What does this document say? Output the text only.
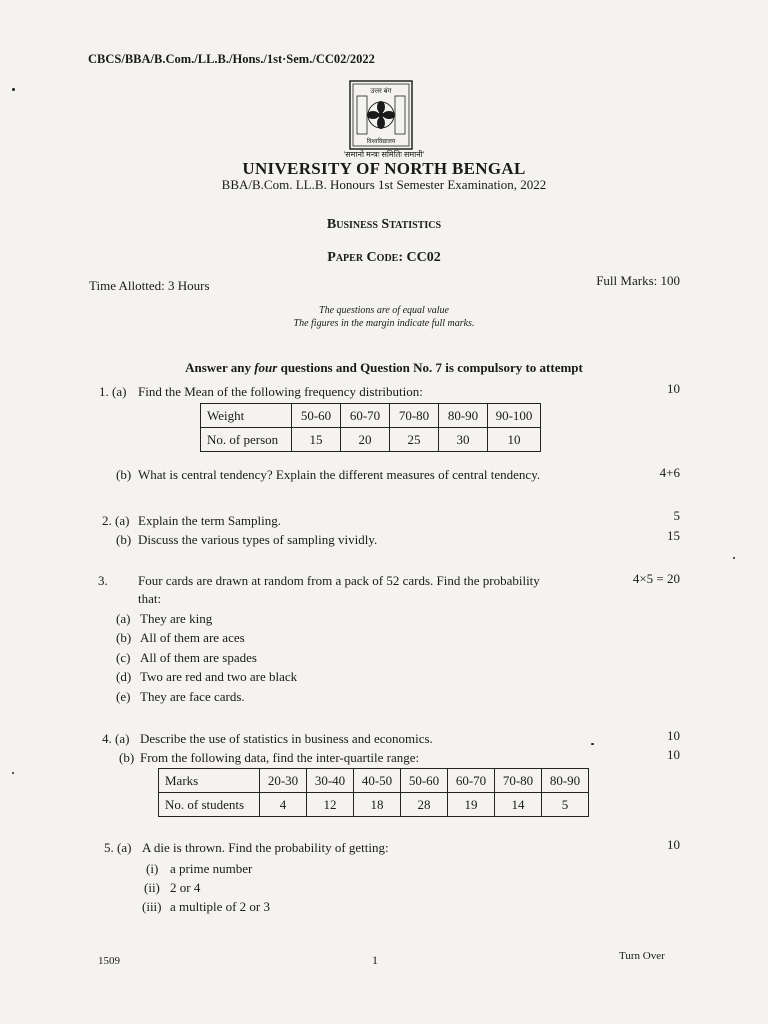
CBCS/BBA/B.Com./LL.B./Hons./1st·Sem./CC02/2022
उत्तर बंग
विश्वविद्यालय
'समानो मन्त्रः समितिः समानी'
UNIVERSITY OF NORTH BENGAL
BBA/B.Com. LL.B. Honours 1st Semester Examination, 2022
Business Statistics
Paper Code: CC02
Time Allotted: 3 Hours	Full Marks: 100
The questions are of equal value
The figures in the margin indicate full marks.
Answer any four questions and Question No. 7 is compulsory to attempt
1. (a) Find the Mean of the following frequency distribution:	10
Weight	50-60	60-70	70-80	80-90	90-100
No. of person	15	20	25	30	10
(b) What is central tendency? Explain the different measures of central tendency.	4+6
2. (a) Explain the term Sampling.	5
(b) Discuss the various types of sampling vividly.	15
3. Four cards are drawn at random from a pack of 52 cards. Find the probability
that:
4×5 = 20
(a) They are king
(b) All of them are aces
(c) All of them are spades
(d) Two are red and two are black
(e) They are face cards.
4. (a) Describe the use of statistics in business and economics.	10
(b) From the following data, find the inter-quartile range:	10
Marks	20-30	30-40	40-50	50-60	60-70	70-80	80-90
No. of students	4	12	18	28	19	14	5
5. (a) A die is thrown. Find the probability of getting:	10
(i) a prime number
(ii) 2 or 4
(iii) a multiple of 2 or 3
1509	1	Turn Over
